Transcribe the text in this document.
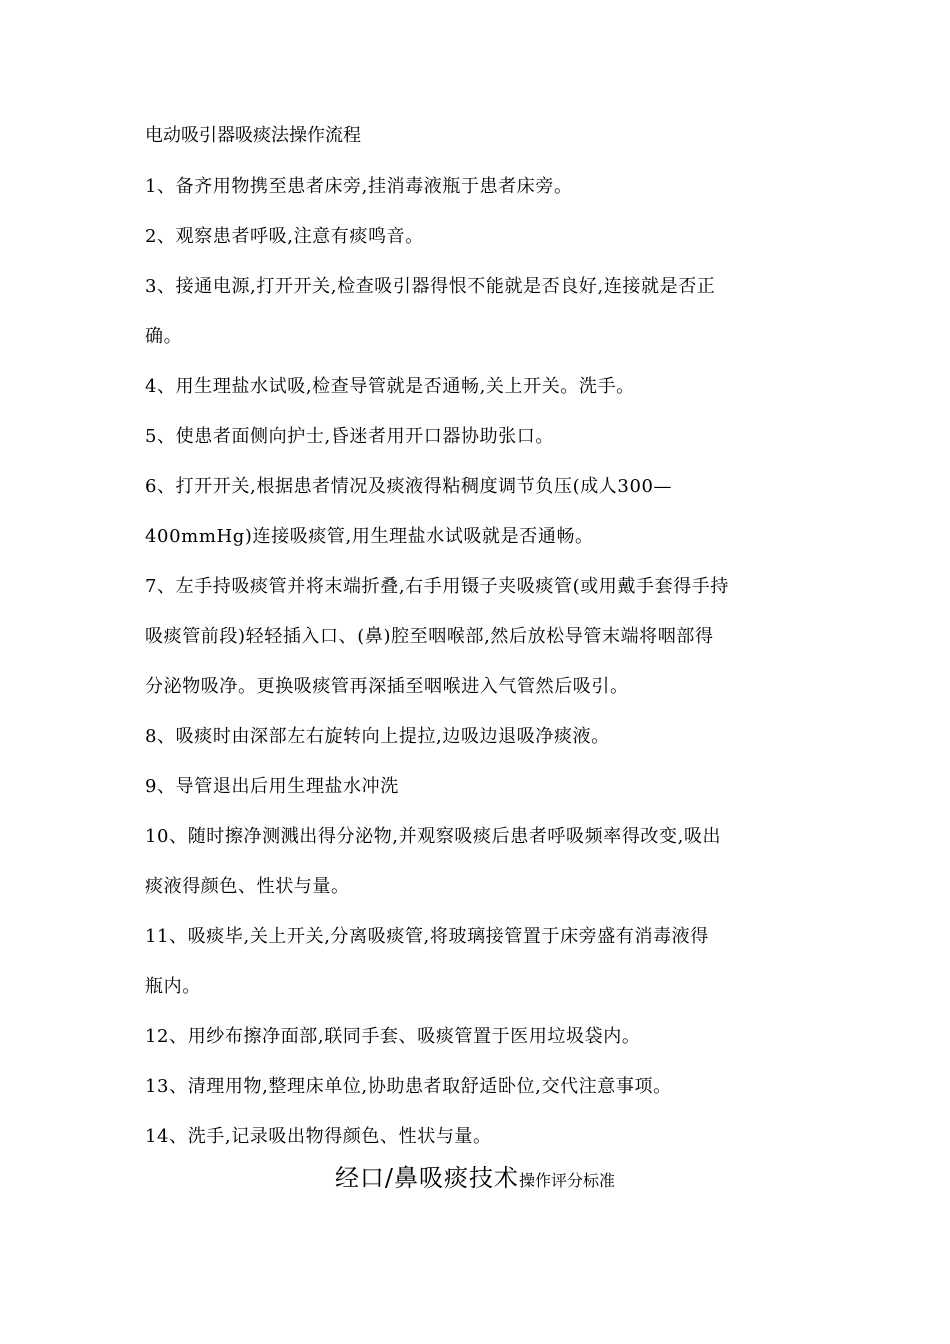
电动吸引器吸痰法操作流程
1、备齐用物携至患者床旁,挂消毒液瓶于患者床旁。
2、观察患者呼吸,注意有痰鸣音。
3、接通电源,打开开关,检查吸引器得恨不能就是否良好,连接就是否正
确。
4、用生理盐水试吸,检查导管就是否通畅,关上开关。洗手。
5、使患者面侧向护士,昏迷者用开口器协助张口。
6、打开开关,根据患者情况及痰液得粘稠度调节负压(成人300—
400mmHg)连接吸痰管,用生理盐水试吸就是否通畅。
7、左手持吸痰管并将末端折叠,右手用镊子夹吸痰管(或用戴手套得手持
吸痰管前段)轻轻插入口、(鼻)腔至咽喉部,然后放松导管末端将咽部得
分泌物吸净。更换吸痰管再深插至咽喉进入气管然后吸引。
8、吸痰时由深部左右旋转向上提拉,边吸边退吸净痰液。
9、导管退出后用生理盐水冲洗
10、随时擦净测溅出得分泌物,并观察吸痰后患者呼吸频率得改变,吸出
痰液得颜色、性状与量。
11、吸痰毕,关上开关,分离吸痰管,将玻璃接管置于床旁盛有消毒液得
瓶内。
12、用纱布擦净面部,联同手套、吸痰管置于医用垃圾袋内。
13、清理用物,整理床单位,协助患者取舒适卧位,交代注意事项。
14、洗手,记录吸出物得颜色、性状与量。
经口/鼻吸痰技术操作评分标准
